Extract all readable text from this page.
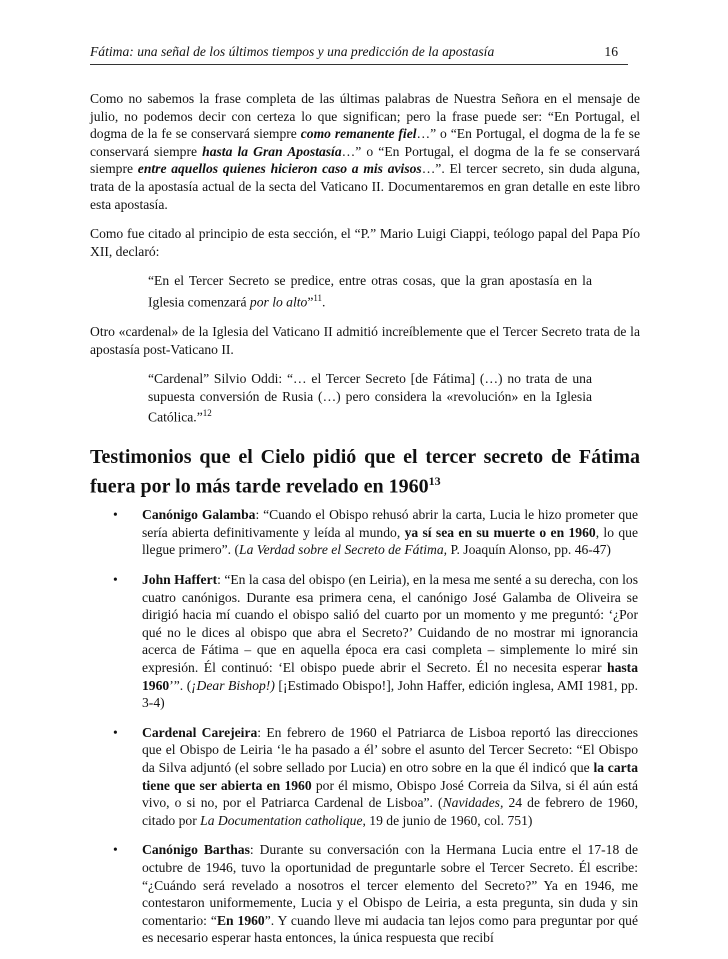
Fátima: una señal de los últimos tiempos y una predicción de la apostasía	16

Como no sabemos la frase completa de las últimas palabras de Nuestra Señora en el mensaje de julio, no podemos decir con certeza lo que significan; pero la frase puede ser: “En Portugal, el dogma de la fe se conservará siempre como remanente fiel…” o “En Portugal, el dogma de la fe se conservará siempre hasta la Gran Apostasía…” o “En Portugal, el dogma de la fe se conservará siempre entre aquellos quienes hicieron caso a mis avisos…”. El tercer secreto, sin duda alguna, trata de la apostasía actual de la secta del Vaticano II. Documentaremos en gran detalle en este libro esta apostasía.

Como fue citado al principio de esta sección, el “P.” Mario Luigi Ciappi, teólogo papal del Papa Pío XII, declaró:

“En el Tercer Secreto se predice, entre otras cosas, que la gran apostasía en la Iglesia comenzará por lo alto”$^{11}$.

Otro «cardenal» de la Iglesia del Vaticano II admitió increíblemente que el Tercer Secreto trata de la apostasía post-Vaticano II.

“Cardenal” Silvio Oddi: “… el Tercer Secreto [de Fátima] (…) no trata de una supuesta conversión de Rusia (…) pero considera la «revolución» en la Iglesia Católica.”$^{12}$

Testimonios que el Cielo pidió que el tercer secreto de Fátima fuera por lo más tarde revelado en 1960$^{13}$
• Canónigo Galamba: “Cuando el Obispo rehusó abrir la carta, Lucia le hizo prometer que sería abierta definitivamente y leída al mundo, ya sí sea en su muerte o en 1960, lo que llegue primero”. (La Verdad sobre el Secreto de Fátima, P. Joaquín Alonso, pp. 46-47)

• John Haffert: “En la casa del obispo (en Leiria), en la mesa me senté a su derecha, con los cuatro canónigos. Durante esa primera cena, el canónigo José Galamba de Oliveira se dirigió hacia mí cuando el obispo salió del cuarto por un momento y me preguntó: ‘¿Por qué no le dices al obispo que abra el Secreto?’ Cuidando de no mostrar mi ignorancia acerca de Fátima – que en aquella época era casi completa – simplemente lo miré sin expresión. Él continuó: ‘El obispo puede abrir el Secreto. Él no necesita esperar hasta 1960’”. (¡Dear Bishop!) [¡Estimado Obispo!], John Haffer, edición inglesa, AMI 1981, pp. 3-4)

• Cardenal Carejeira: En febrero de 1960 el Patriarca de Lisboa reportó las direcciones que el Obispo de Leiria ‘le ha pasado a él’ sobre el asunto del Tercer Secreto: “El Obispo da Silva adjuntó (el sobre sellado por Lucia) en otro sobre en la que él indicó que la carta tiene que ser abierta en 1960 por él mismo, Obispo José Correia da Silva, si él aún está vivo, o si no, por el Patriarca Cardenal de Lisboa”. (Navidades, 24 de febrero de 1960, citado por La Documentation catholique, 19 de junio de 1960, col. 751)

• Canónigo Barthas: Durante su conversación con la Hermana Lucia entre el 17-18 de octubre de 1946, tuvo la oportunidad de preguntarle sobre el Tercer Secreto. Él escribe: “¿Cuándo será revelado a nosotros el tercer elemento del Secreto?” Ya en 1946, me contestaron uniformemente, Lucia y el Obispo de Leiria, a esta pregunta, sin duda y sin comentario: “En 1960”. Y cuando lleve mi audacia tan lejos como para preguntar por qué es necesario esperar hasta entonces, la única respuesta que recibí
